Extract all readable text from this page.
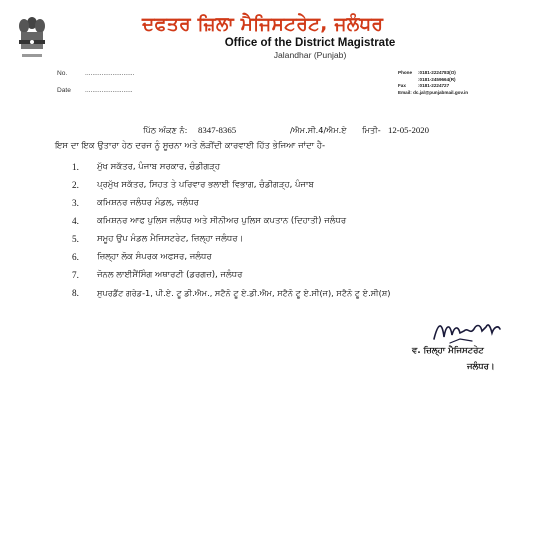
ਦਫਤਰ ਜ਼ਿਲਾ ਮੈਜਿਸਟਰੇਟ, ਜਲੰਧਰ
Office of the District Magistrate
Jalandhar (Punjab)
No.	...........................
Date ..........................
Phone :0181-2224783(O)
:0181-2459664(R)
Fax	:0181-2224727
Email: dc.jal@punjabmail.gov.in
ਪਿੱਠ ਅੰਕਣ ਨੰ: 8347-8365	/ਐਮ.ਸੀ.4/ਐਮ.ਏ ਮਿਤੀ- 12-05-2020
ਇਸ ਦਾ ਇਕ ਉਤਾਰਾ ਹੇਠ ਦਰਜ ਨੂੰ ਸੂਚਨਾ ਅਤੇ ਲੋੜੀਂਦੀ ਕਾਰਵਾਈ ਹਿੱਤ ਭੇਜਿਆ ਜਾਂਦਾ ਹੈ-
1.	ਮੁੱਖ ਸਕੱਤਰ, ਪੰਜਾਬ ਸਰਕਾਰ, ਚੰਡੀਗੜ੍ਹ
2.	ਪ੍ਰਮੁੱਖ ਸਕੱਤਰ, ਸਿਹਤ ਤੇ ਪਰਿਵਾਰ ਭਲਾਈ ਵਿਭਾਗ, ਚੰਡੀਗੜ੍ਹ, ਪੰਜਾਬ
3.	ਕਮਿਸ਼ਨਰ ਜਲੰਧਰ ਮੰਡਲ, ਜਲੰਧਰ
4.	ਕਮਿਸ਼ਨਰ ਆਫ ਪੁਲਿਸ ਜਲੰਧਰ ਅਤੇ ਸੀਨੀਅਰ ਪੁਲਿਸ ਕਪਤਾਨ (ਦਿਹਾਤੀ) ਜਲੰਧਰ
5.	ਸਮੂਹ ਉਪ ਮੰਡਲ ਮੈਜਿਸਟਰੇਟ, ਜ਼ਿਲ੍ਹਾ ਜਲੰਧਰ।
6.	ਜ਼ਿਲ੍ਹਾ ਲੋਕ ਸੰਪਰਕ ਅਫਸਰ, ਜਲੰਧਰ
7.	ਜੋਨਲ ਲਾਈਸੈਂਸਿੰਗ ਅਥਾਰਟੀ (ਡਰਗਜ਼), ਜਲੰਧਰ
8.	ਸੁਪਰਡੈਂਟ ਗਰੇਡ-1, ਪੀ.ਏ. ਟੂ ਡੀ.ਐਮ., ਸਟੈਨੋ ਟੂ ਏ.ਡੀ.ਐਮ, ਸਟੈਨੋ ਟੂ ਏ.ਸੀ(ਜ), ਸਟੈਨੋ ਟੂ ਏ.ਸੀ(ਸ਼)
ਵ. ਜ਼ਿਲ੍ਹਾ ਮੈਜਿਸਟਰੇਟ
ਜਲੰਧਰ।
